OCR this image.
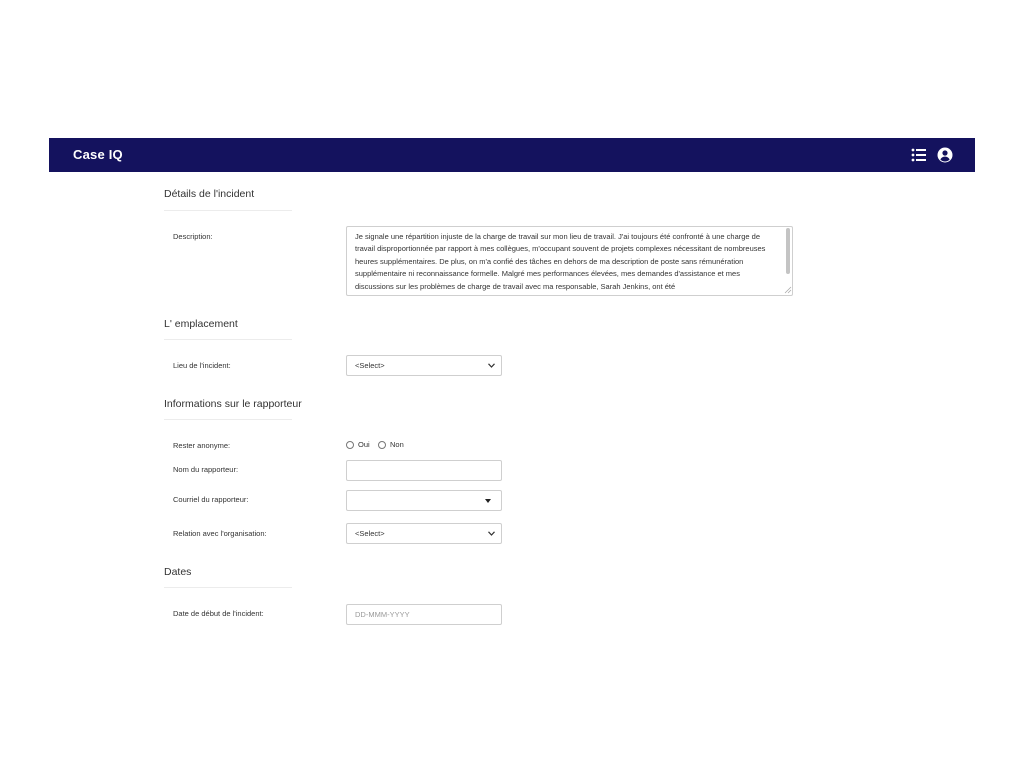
Case IQ
Détails de l'incident
Description:	Je signale une répartition injuste de la charge de travail sur mon lieu de travail. J'ai toujours été confronté à une charge de travail disproportionnée par rapport à mes collègues, m'occupant souvent de projets complexes nécessitant de nombreuses heures supplémentaires. De plus, on m'a confié des tâches en dehors de ma description de poste sans rémunération supplémentaire ni reconnaissance formelle. Malgré mes performances élevées, mes demandes d'assistance et mes discussions sur les problèmes de charge de travail avec ma responsable, Sarah Jenkins, ont été
L' emplacement
Lieu de l'incident:	<Select>
Informations sur le rapporteur
Rester anonyme:	Oui	Non
Nom du rapporteur:
Courriel du rapporteur:
Relation avec l'organisation:	<Select>
Dates
Date de début de l'incident:	DD-MMM-YYYY
